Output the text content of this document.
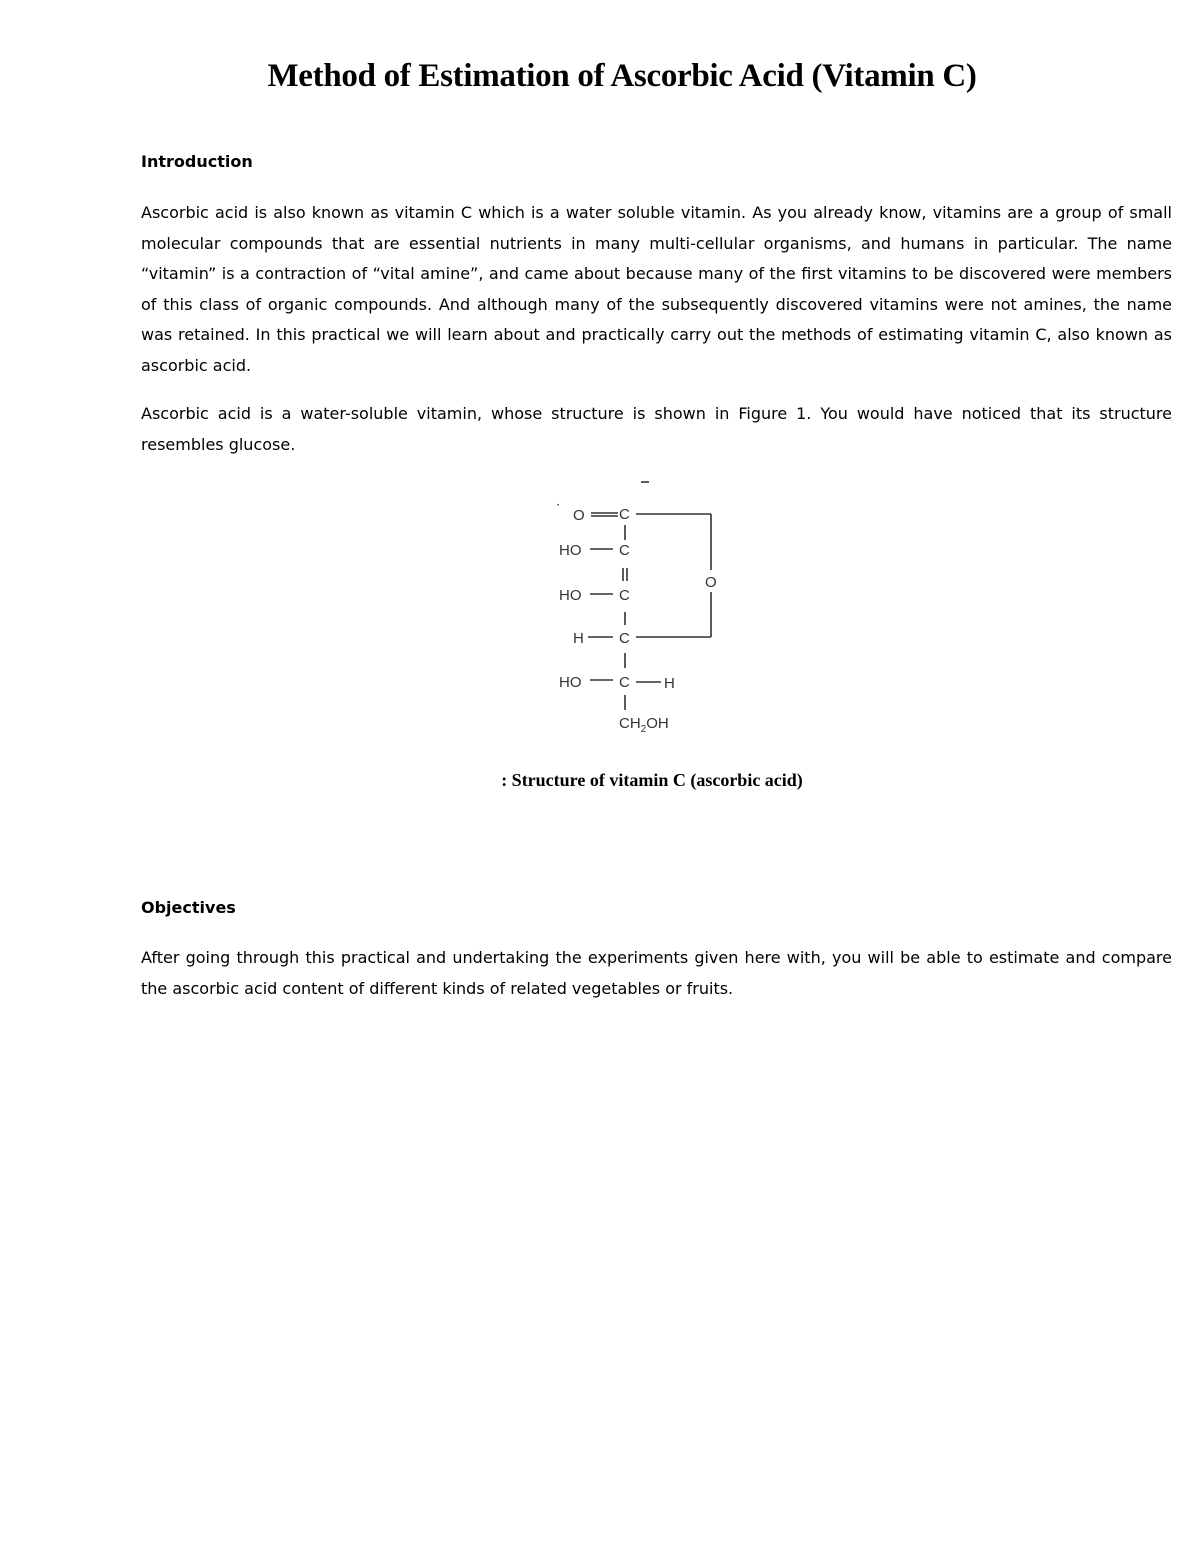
Method of Estimation of Ascorbic Acid (Vitamin C)
Introduction

Ascorbic acid is also known as vitamin C which is a water soluble vitamin. As you already know, vitamins are a group of small molecular compounds that are essential nutrients in many multi-cellular organisms, and humans in particular. The name “vitamin” is a contraction of “vital amine”, and came about because many of the first vitamins to be discovered were members of this class of organic compounds. And although many of the subsequently discovered vitamins were not amines, the name was retained. In this practical we will learn about and practically carry out the methods of estimating vitamin C, also known as ascorbic acid.

Ascorbic acid is a water-soluble vitamin, whose structure is shown in Figure 1. You would have noticed that its structure resembles glucose.

•
O C
HO	C
HO	C
H C
O
HO	C H
$CH_2OH$

: Structure of vitamin C (ascorbic acid)

Objectives

After going through this practical and undertaking the experiments given here with, you will be able to estimate and compare the ascorbic acid content of different kinds of related vegetables or fruits.
